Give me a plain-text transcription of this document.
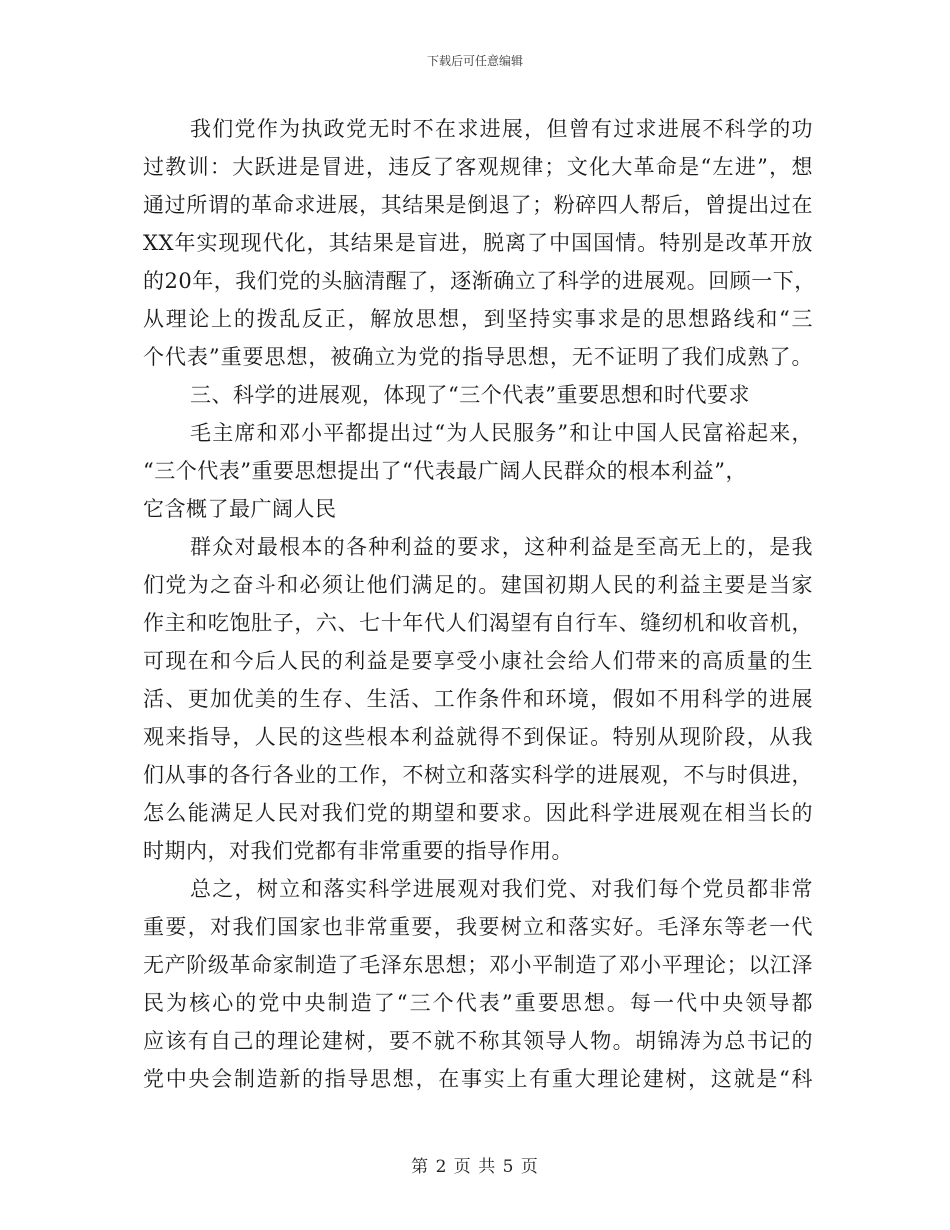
下载后可任意编辑
我们党作为执政党无时不在求进展，但曾有过求进展不科学的功
过教训：大跃进是冒进，违反了客观规律；文化大革命是“左进”，想
通过所谓的革命求进展，其结果是倒退了；粉碎四人帮后，曾提出过在
XX年实现现代化，其结果是盲进，脱离了中国国情。特别是改革开放
的20年，我们党的头脑清醒了，逐渐确立了科学的进展观。回顾一下，
从理论上的拨乱反正，解放思想，到坚持实事求是的思想路线和“三
个代表”重要思想，被确立为党的指导思想，无不证明了我们成熟了。
三、科学的进展观，体现了“三个代表”重要思想和时代要求
毛主席和邓小平都提出过“为人民服务”和让中国人民富裕起来，
“三个代表”重要思想提出了“代表最广阔人民群众的根本利益”，
它含概了最广阔人民
群众对最根本的各种利益的要求，这种利益是至高无上的，是我
们党为之奋斗和必须让他们满足的。建国初期人民的利益主要是当家
作主和吃饱肚子，六、七十年代人们渴望有自行车、缝纫机和收音机，
可现在和今后人民的利益是要享受小康社会给人们带来的高质量的生
活、更加优美的生存、生活、工作条件和环境，假如不用科学的进展
观来指导，人民的这些根本利益就得不到保证。特别从现阶段，从我
们从事的各行各业的工作，不树立和落实科学的进展观，不与时俱进，
怎么能满足人民对我们党的期望和要求。因此科学进展观在相当长的
时期内，对我们党都有非常重要的指导作用。
总之，树立和落实科学进展观对我们党、对我们每个党员都非常
重要，对我们国家也非常重要，我要树立和落实好。毛泽东等老一代
无产阶级革命家制造了毛泽东思想；邓小平制造了邓小平理论；以江泽
民为核心的党中央制造了“三个代表”重要思想。每一代中央领导都
应该有自己的理论建树，要不就不称其领导人物。胡锦涛为总书记的
党中央会制造新的指导思想，在事实上有重大理论建树，这就是“科
第 2 页 共 5 页
